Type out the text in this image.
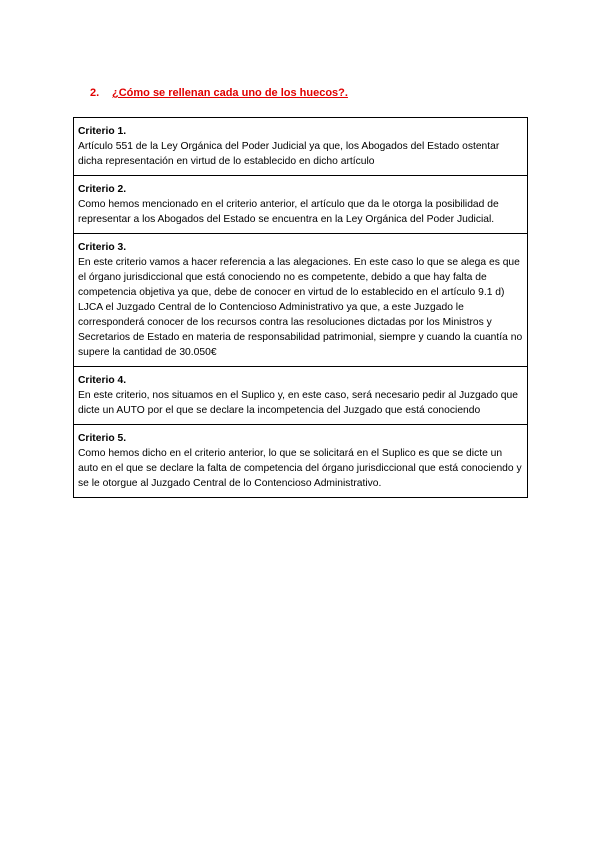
2. ¿Cómo se rellenan cada uno de los huecos?.
Criterio 1.
Artículo 551 de la Ley Orgánica del Poder Judicial ya que, los Abogados del Estado ostentar dicha representación en virtud de lo establecido en dicho artículo

Criterio 2.
Como hemos mencionado en el criterio anterior, el artículo que da le otorga la posibilidad de representar a los Abogados del Estado se encuentra en la Ley Orgánica del Poder Judicial.

Criterio 3.
En este criterio vamos a hacer referencia a las alegaciones. En este caso lo que se alega es que el órgano jurisdiccional que está conociendo no es competente, debido a que hay falta de competencia objetiva ya que, debe de conocer en virtud de lo establecido en el artículo 9.1 d) LJCA el Juzgado Central de lo Contencioso Administrativo ya que, a este Juzgado le corresponderá conocer de los recursos contra las resoluciones dictadas por los Ministros y Secretarios de Estado en materia de responsabilidad patrimonial, siempre y cuando la cuantía no supere la cantidad de 30.050€

Criterio 4.
En este criterio, nos situamos en el Suplico y, en este caso, será necesario pedir al Juzgado que dicte un AUTO por el que se declare la incompetencia del Juzgado que está conociendo

Criterio 5.
Como hemos dicho en el criterio anterior, lo que se solicitará en el Suplico es que se dicte un auto en el que se declare la falta de competencia del órgano jurisdiccional que está conociendo y se le otorgue al Juzgado Central de lo Contencioso Administrativo.
